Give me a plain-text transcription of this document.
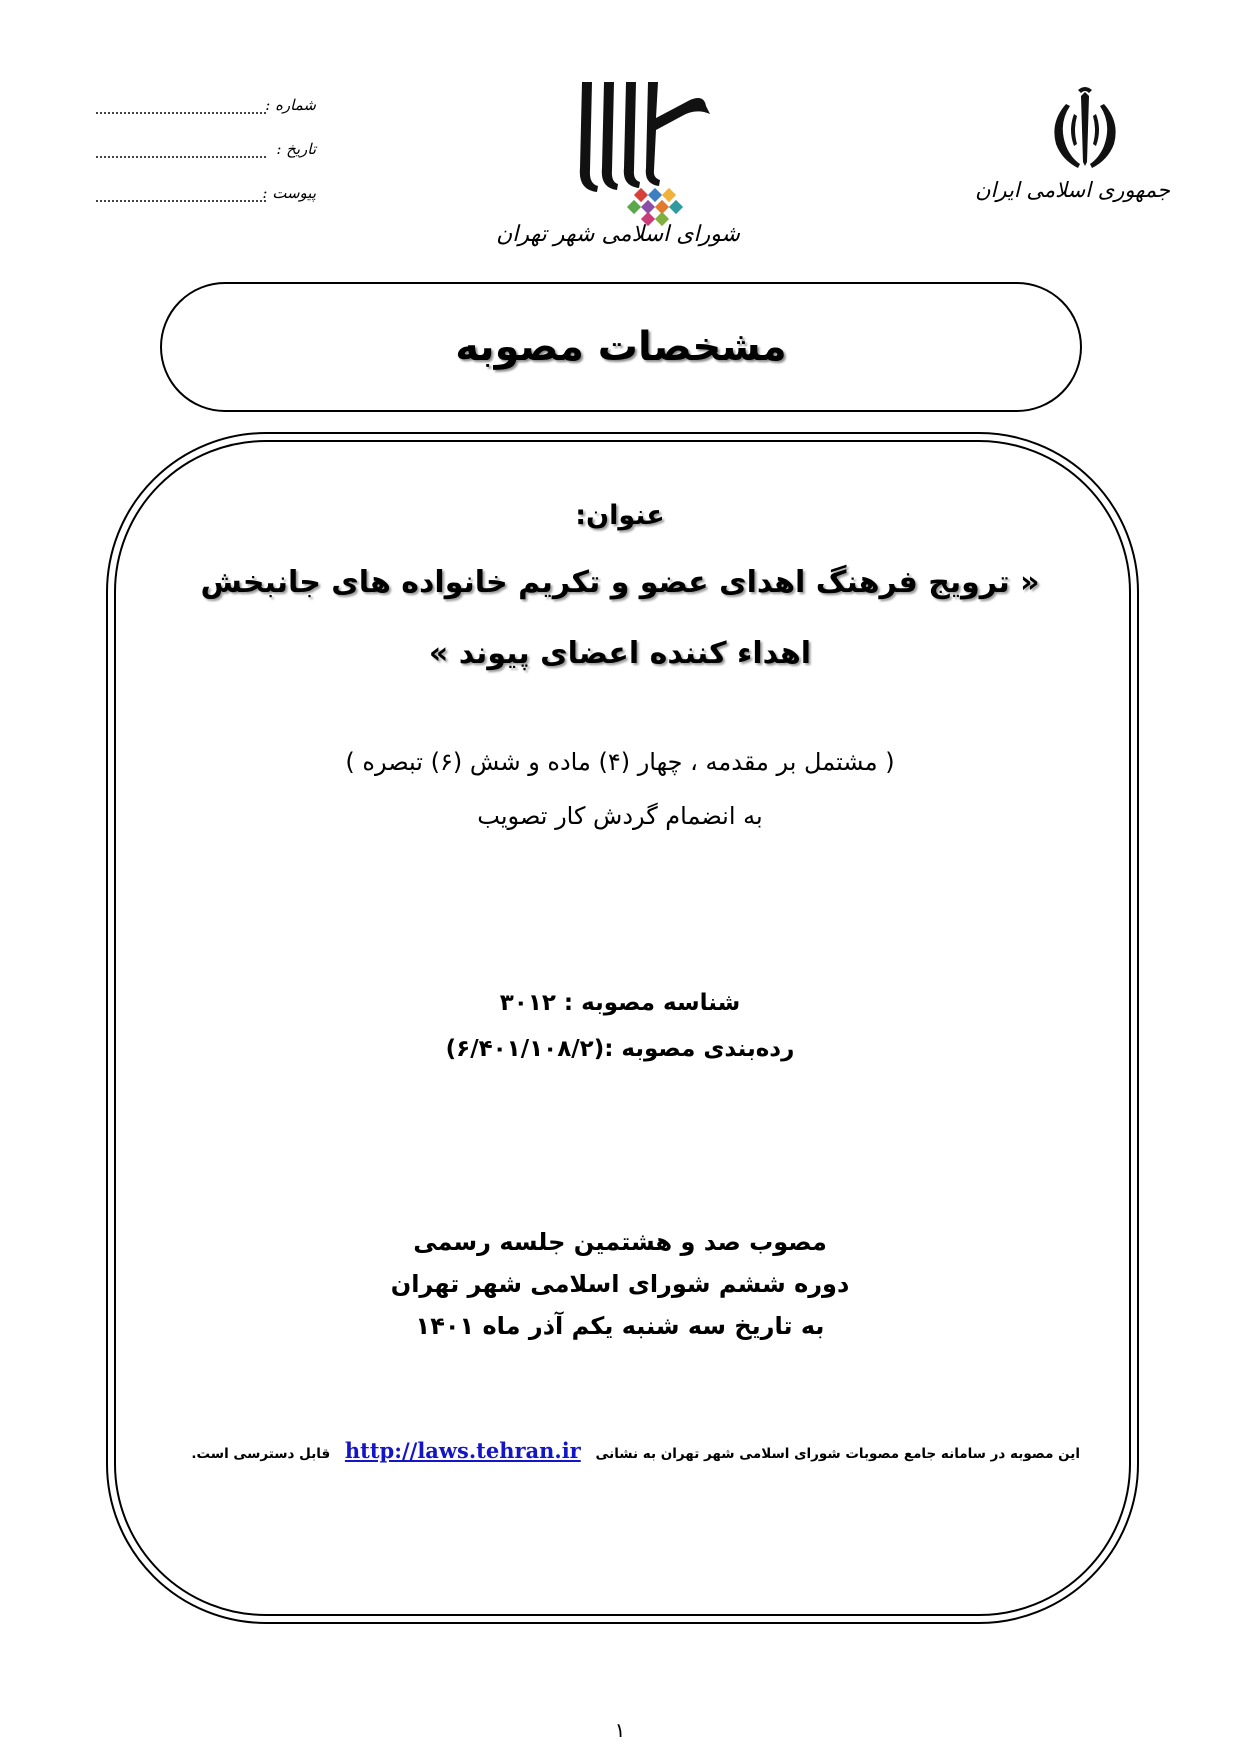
شماره :
تاریخ :
پیوست :
شورای اسلامی شهر تهران
جمهوری اسلامی ایران
مشخصات مصوبه
عنوان:
« ترویج فرهنگ اهدای عضو و تکریم خانواده های جانبخش
اهداء کننده اعضای پیوند »
( مشتمل بر مقدمه ، چهار (۴) ماده و شش (۶) تبصره )
به انضمام گردش کار تصویب
شناسه مصوبه : ۳۰۱۲
رده‌بندی مصوبه :(۶/۴۰۱/۱۰۸/۲)
مصوب صد و هشتمین جلسه رسمی
دوره ششم شورای اسلامی شهر تهران
به تاریخ سه شنبه یکم آذر ماه ۱۴۰۱
این مصوبه در سامانه جامع مصوبات شورای اسلامی شهر تهران به نشانی http://laws.tehran.ir قابل دسترسی است.
۱
